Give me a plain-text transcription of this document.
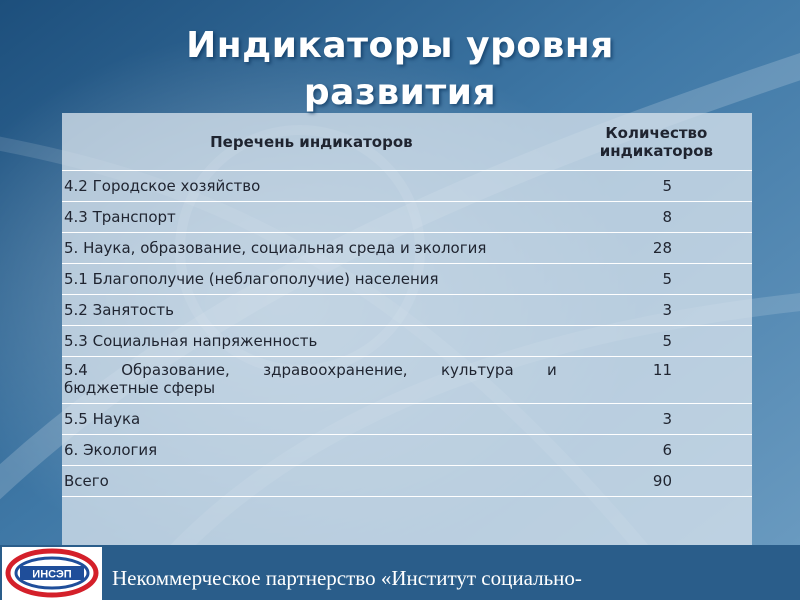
Индикаторы уровня
развития
Перечень индикаторов	Количество индикаторов
4.2 Городское хозяйство	5
4.3 Транспорт	8
5. Наука, образование, социальная среда и экология	28
5.1 Благополучие (неблагополучие) населения	5
5.2 Занятость	3
5.3 Социальная напряженность	5
5.4 Образование, здравоохранение, культура и
бюджетные сферы	11
5.5 Наука	3
6. Экология	6
Всего	90
ИНСЭП Некоммерческое партнерство «Институт социально-
